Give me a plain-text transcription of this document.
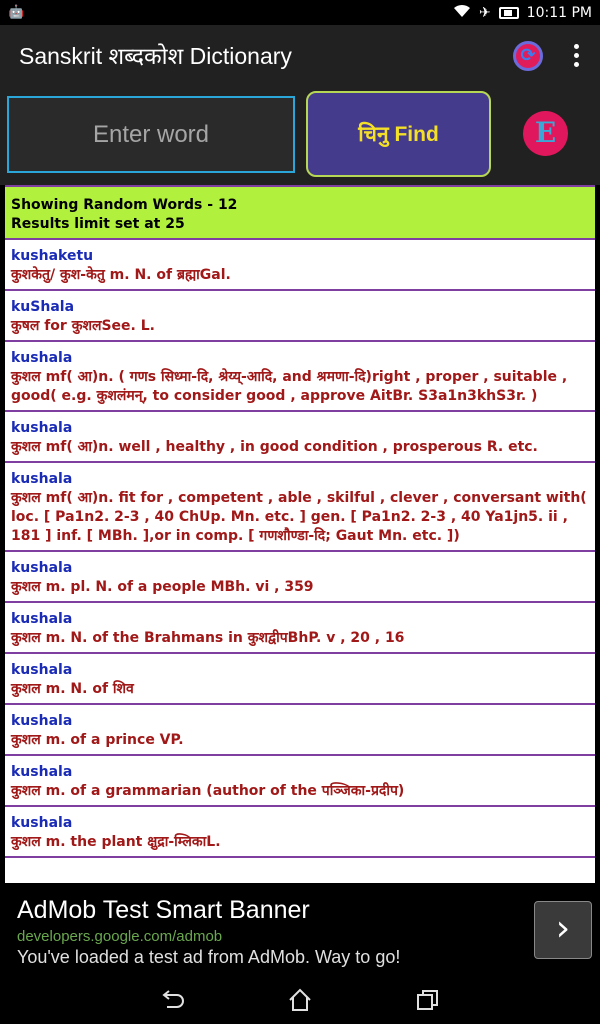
🤖	✈	10:11 PM
Sanskrit शब्दकोश Dictionary	⟳
Enter word
चिनु Find	E
Showing Random Words - 12
Results limit set at 25
kushaketu
कुशकेतु/ कुश-केतु m. N. of ब्रह्माGal.
kuShala
कुषल for कुशलSee. L.
kushala
कुशल mf( आ)n. ( गणs सिध्मा-दि, श्रेय्य्-आदि, and श्रमणा-दि)right , proper , suitable , good( e.g. कुशलंमन्, to consider good , approve AitBr. S3a1n3khS3r. )
kushala
कुशल mf( आ)n. well , healthy , in good condition , prosperous R. etc.
kushala
कुशल mf( आ)n. fit for , competent , able , skilful , clever , conversant with( loc. [ Pa1n2. 2-3 , 40 ChUp. Mn. etc. ] gen. [ Pa1n2. 2-3 , 40 Ya1jn5. ii , 181 ] inf. [ MBh. ],or in comp. [ गणशौण्डा-दि; Gaut Mn. etc. ])
kushala
कुशल m. pl. N. of a people MBh. vi , 359
kushala
कुशल m. N. of the Brahmans in कुशद्वीपBhP. v , 20 , 16
kushala
कुशल m. N. of शिव
kushala
कुशल m. of a prince VP.
kushala
कुशल m. of a grammarian (author of the पञ्जिका-प्रदीप)
kushala
कुशल m. the plant क्षुद्रा-म्लिकाL.
AdMob Test Smart Banner
developers.google.com/admob
You've loaded a test ad from AdMob. Way to go!
›
